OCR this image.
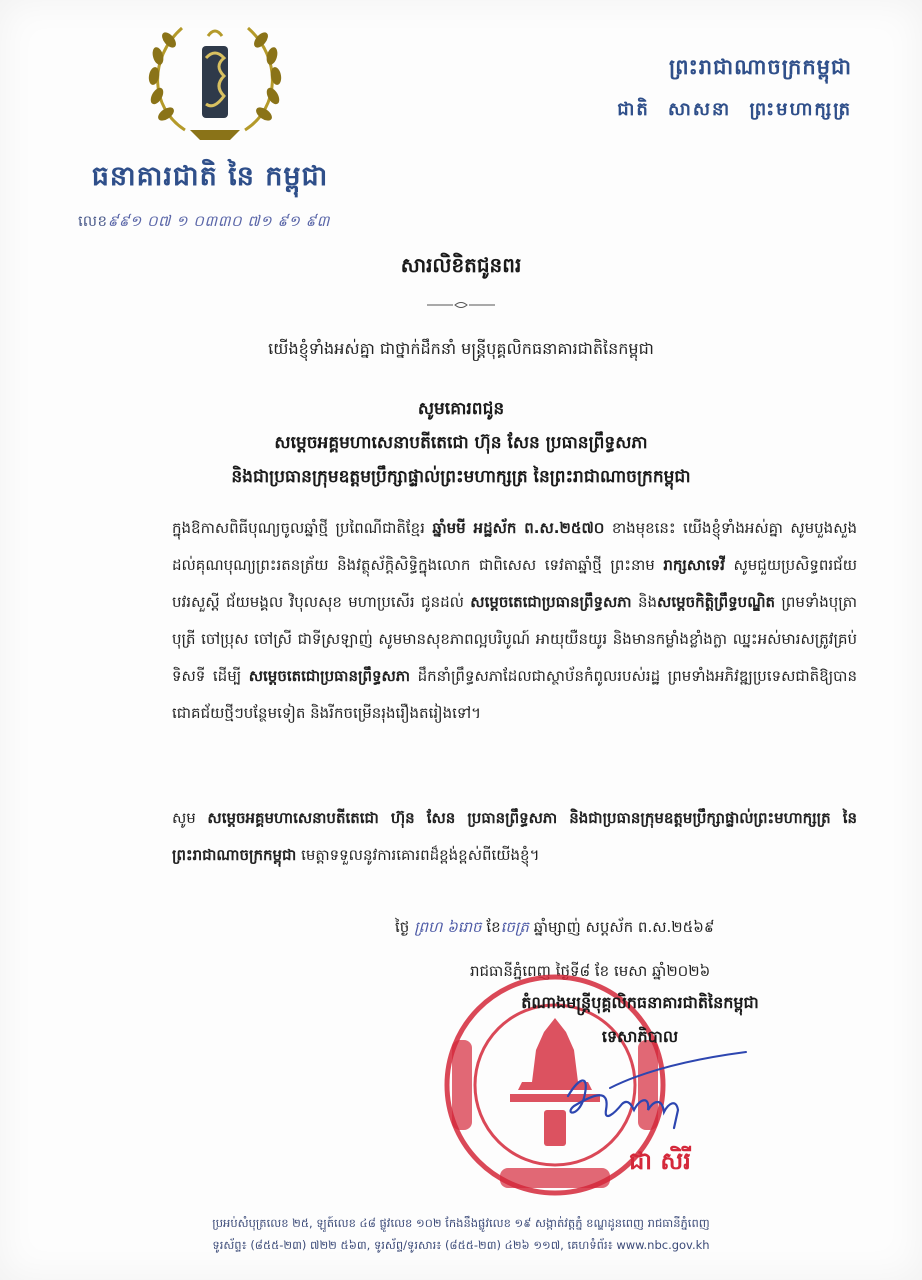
ធនាគារជាតិ នៃ កម្ពុជា
លេខ៩៩១ ០៧ ១ ០៣៣០ ៧១ ៩១ ៩៣
ព្រះរាជាណាចក្រកម្ពុជា
ជាតិ សាសនា ព្រះមហាក្សត្រ
សារលិខិតជូនពរ
យើងខ្ញុំទាំងអស់គ្នា ជាថ្នាក់ដឹកនាំ មន្ត្រីបុគ្គលិកធនាគារជាតិនៃកម្ពុជា
សូមគោរពជូន
សម្តេចអគ្គមហាសេនាបតីតេជោ ហ៊ុន សែន ប្រធានព្រឹទ្ធសភា
និងជាប្រធានក្រុមឧត្តមប្រឹក្សាផ្ទាល់ព្រះមហាក្សត្រ នៃព្រះរាជាណាចក្រកម្ពុជា

ក្នុងឱកាសពិធីបុណ្យចូលឆ្នាំថ្មី ប្រពៃណីជាតិខ្មែរ ឆ្នាំមមី អដ្ឋស័ក ព.ស.២៥៧០ ខាងមុខនេះ យើងខ្ញុំទាំងអស់គ្នា សូមបួងសួងដល់គុណបុណ្យព្រះរតនត្រ័យ និងវត្ថុស័ក្តិសិទ្ធិក្នុងលោក ជាពិសេស ទេវតាឆ្នាំថ្មី ព្រះនាម រាក្សសាទេវី សូមជួយប្រសិទ្ធពរជ័យ បវរសួស្តី ជ័យមង្គល វិបុលសុខ មហាប្រសើរ ជូនដល់ សម្តេចតេជោប្រធានព្រឹទ្ធសភា និងសម្តេចកិត្តិព្រឹទ្ធបណ្ឌិត ព្រមទាំងបុត្រាបុត្រី ចៅប្រុស ចៅស្រី ជាទីស្រឡាញ់ សូមមានសុខភាពល្អបរិបូណ៍ អាយុយឺនយូរ និងមានកម្លាំងខ្លាំងក្លា ឈ្នះអស់មារសត្រូវគ្រប់ទិសទី ដើម្បី សម្តេចតេជោប្រធានព្រឹទ្ធសភា ដឹកនាំព្រឹទ្ធសភាដែលជាស្ថាប័នកំពូលរបស់រដ្ឋ ព្រមទាំងអភិវឌ្ឍប្រទេសជាតិឱ្យបានជោគជ័យថ្មីៗបន្ថែមទៀត និងរីកចម្រើនរុងរឿងតរៀងទៅ។

សូម សម្តេចអគ្គមហាសេនាបតីតេជោ ហ៊ុន សែន ប្រធានព្រឹទ្ធសភា និងជាប្រធានក្រុមឧត្តមប្រឹក្សាផ្ទាល់ព្រះមហាក្សត្រ នៃព្រះរាជាណាចក្រកម្ពុជា មេត្តាទទួលនូវការគោរពដ៏ខ្ពង់ខ្ពស់ពីយើងខ្ញុំ។

ថ្ងៃ ព្រហ ៦រោច ខែចេត្រ ឆ្នាំម្សាញ់ សប្តស័ក ព.ស.២៥៦៩
រាជធានីភ្នំពេញ ថ្ងៃទី៨ ខែ មេសា ឆ្នាំ២០២៦
តំណាងមន្ត្រីបុគ្គលិកធនាគារជាតិនៃកម្ពុជា
ទេសាភិបាល
ជា សិរី
ប្រអប់សំបុត្រលេខ ២៥, ឡូត៍លេខ ៤៨ ផ្លូវលេខ ១០២ កែងនឹងផ្លូវលេខ ១៩ សង្កាត់វត្តភ្នំ ខណ្ឌដូនពេញ រាជធានីភ្នំពេញ
ទូរស័ព្ទ៖ (៨៥៥-២៣) ៧២២ ៥៦៣, ទូរស័ព្ទ/ទូរសារ៖ (៨៥៥-២៣) ៤២៦ ១១៧, គេហទំព័រ៖ www.nbc.gov.kh
